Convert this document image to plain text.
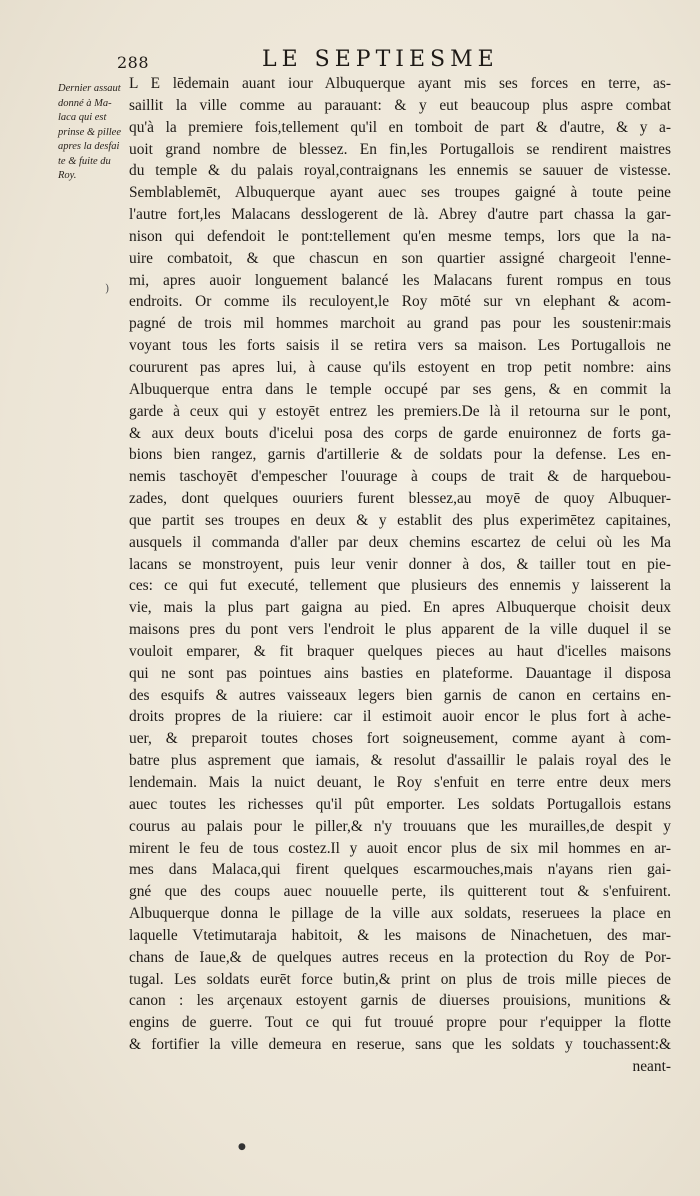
288	LE SEPTIESME
Dernier assaut
donné à Ma-
laca qui est
prinse & pillee
apres la desfai
te & fuite du
Roy.
L E lēdemain auant iour Albuquerque ayant mis ses forces en terre, as-
saillit la ville comme au parauant: & y eut beaucoup plus aspre combat
qu'à la premiere fois,tellement qu'il en tomboit de part & d'autre, & y a-
uoit grand nombre de blessez. En fin,les Portugallois se rendirent maistres
du temple & du palais royal,contraignans les ennemis se sauuer de vistesse.
Semblablemēt, Albuquerque ayant auec ses troupes gaigné à toute peine
l'autre fort,les Malacans desslogerent de là. Abrey d'autre part chassa la gar-
nison qui defendoit le pont:tellement qu'en mesme temps, lors que la na-
uire combatoit, & que chascun en son quartier assigné chargeoit l'enne-
mi, apres auoir longuement balancé les Malacans furent rompus en tous
endroits. Or comme ils reculoyent,le Roy mōté sur vn elephant & acom-
pagné de trois mil hommes marchoit au grand pas pour les soustenir:mais
voyant tous les forts saisis il se retira vers sa maison. Les Portugallois ne
coururent pas apres lui, à cause qu'ils estoyent en trop petit nombre: ains
Albuquerque entra dans le temple occupé par ses gens, & en commit la
garde à ceux qui y estoyēt entrez les premiers.De là il retourna sur le pont,
& aux deux bouts d'icelui posa des corps de garde enuironnez de forts ga-
bions bien rangez, garnis d'artillerie & de soldats pour la defense. Les en-
nemis taschoyēt d'empescher l'ouurage à coups de trait & de harquebou-
zades, dont quelques ouuriers furent blessez,au moyē de quoy Albuquer-
que partit ses troupes en deux & y establit des plus experimētez capitaines,
ausquels il commanda d'aller par deux chemins escartez de celui où les Ma
lacans se monstroyent, puis leur venir donner à dos, & tailler tout en pie-
ces: ce qui fut executé, tellement que plusieurs des ennemis y laisserent la
vie, mais la plus part gaigna au pied. En apres Albuquerque choisit deux
maisons pres du pont vers l'endroit le plus apparent de la ville duquel il se
vouloit emparer, & fit braquer quelques pieces au haut d'icelles maisons
qui ne sont pas pointues ains basties en plateforme. Dauantage il disposa
des esquifs & autres vaisseaux legers bien garnis de canon en certains en-
droits propres de la riuiere: car il estimoit auoir encor le plus fort à ache-
uer, & preparoit toutes choses fort soigneusement, comme ayant à com-
batre plus asprement que iamais, & resolut d'assaillir le palais royal des le
lendemain. Mais la nuict deuant, le Roy s'enfuit en terre entre deux mers
auec toutes les richesses qu'il pût emporter. Les soldats Portugallois estans
courus au palais pour le piller,& n'y trouuans que les murailles,de despit y
mirent le feu de tous costez.Il y auoit encor plus de six mil hommes en ar-
mes dans Malaca,qui firent quelques escarmouches,mais n'ayans rien gai-
gné que des coups auec nouuelle perte, ils quitterent tout & s'enfuirent.
Albuquerque donna le pillage de la ville aux soldats, reseruees la place en
laquelle Vtetimutaraja habitoit, & les maisons de Ninachetuen, des mar-
chans de Iaue,& de quelques autres receus en la protection du Roy de Por-
tugal. Les soldats eurēt force butin,& print on plus de trois mille pieces de
canon : les arçenaux estoyent garnis de diuerses prouisions, munitions &
engins de guerre. Tout ce qui fut trouué propre pour r'equipper la flotte
& fortifier la ville demeura en reserue, sans que les soldats y touchassent:&
neant-
●
)
